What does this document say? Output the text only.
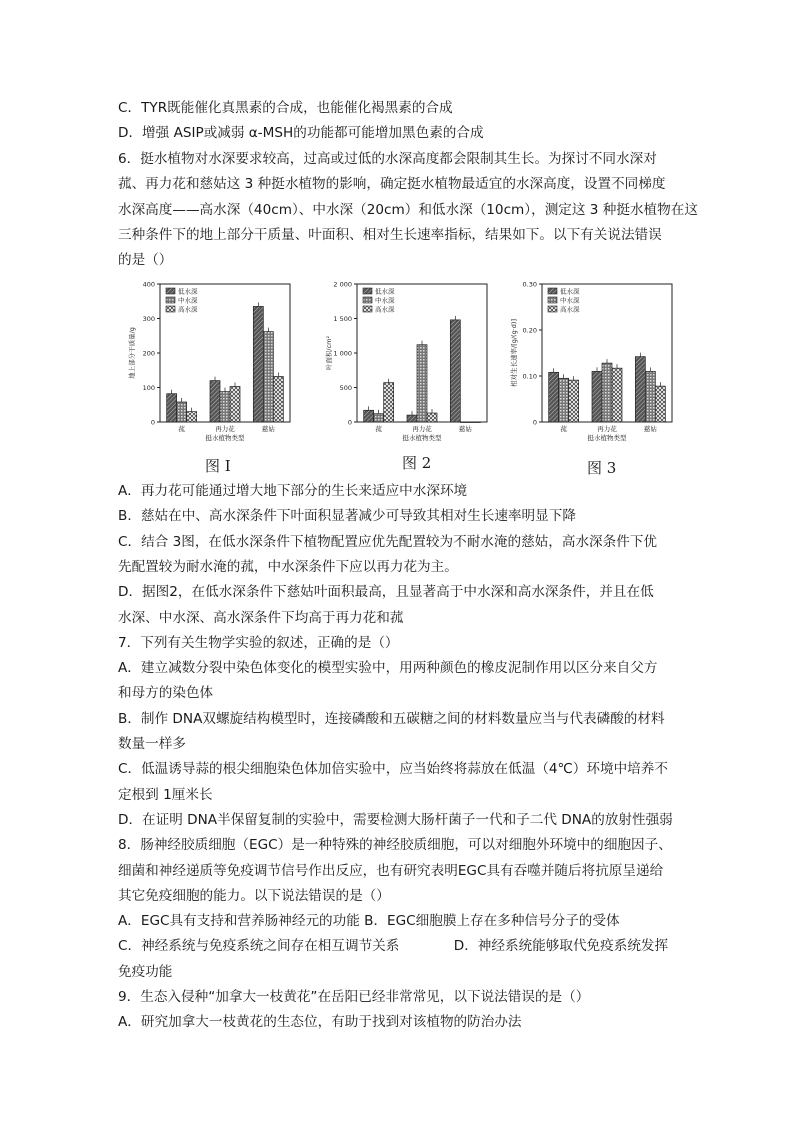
C．TYR既能催化真黑素的合成，也能催化褐黑素的合成
D．增强 ASIP或减弱 α-MSH的功能都可能增加黑色素的合成
6．挺水植物对水深要求较高，过高或过低的水深高度都会限制其生长。为探讨不同水深对
菰、再力花和慈姑这 3 种挺水植物的影响，确定挺水植物最适宜的水深高度，设置不同梯度
水深高度——高水深（40cm）、中水深（20cm）和低水深（10cm），测定这 3 种挺水植物在这
三种条件下的地上部分干质量、叶面积、相对生长速率指标，结果如下。以下有关说法错误
的是（）
0
100
200
300
400
地上部分干质量/g
菰	再力花	慈姑
挺水植物类型
低水深
中水深
高水深
0
500
1 000
1 500
2 000
叶面积/cm²
菰	再力花	慈姑
挺水植物类型
低水深
中水深
高水深
0
0.10
0.20
0.30
相对生长速率/[g/(g·d)]
菰	再力花	慈姑
挺水植物类型
低水深
中水深
高水深
图 I	图 2	图 3
A．再力花可能通过增大地下部分的生长来适应中水深环境
B．慈姑在中、高水深条件下叶面积显著减少可导致其相对生长速率明显下降
C．结合 3图，在低水深条件下植物配置应优先配置较为不耐水淹的慈姑，高水深条件下优
先配置较为耐水淹的菰，中水深条件下应以再力花为主。
D．据图2，在低水深条件下慈姑叶面积最高，且显著高于中水深和高水深条件，并且在低
水深、中水深、高水深条件下均高于再力花和菰
7．下列有关生物学实验的叙述，正确的是（）
A．建立减数分裂中染色体变化的模型实验中，用两种颜色的橡皮泥制作用以区分来自父方
和母方的染色体
B．制作 DNA双螺旋结构模型时，连接磷酸和五碳糖之间的材料数量应当与代表磷酸的材料
数量一样多
C．低温诱导蒜的根尖细胞染色体加倍实验中，应当始终将蒜放在低温（4℃）环境中培养不
定根到 1厘米长
D．在证明 DNA半保留复制的实验中，需要检测大肠杆菌子一代和子二代 DNA的放射性强弱
8．肠神经胶质细胞（EGC）是一种特殊的神经胶质细胞，可以对细胞外环境中的细胞因子、
细菌和神经递质等免疫调节信号作出反应，也有研究表明EGC具有吞噬并随后将抗原呈递给
其它免疫细胞的能力。以下说法错误的是（）
A．EGC具有支持和营养肠神经元的功能 B．EGC细胞膜上存在多种信号分子的受体
C．神经系统与免疫系统之间存在相互调节关系　　　　D．神经系统能够取代免疫系统发挥
免疫功能
9．生态入侵种“加拿大一枝黄花”在岳阳已经非常常见，以下说法错误的是（）
A．研究加拿大一枝黄花的生态位，有助于找到对该植物的防治办法
